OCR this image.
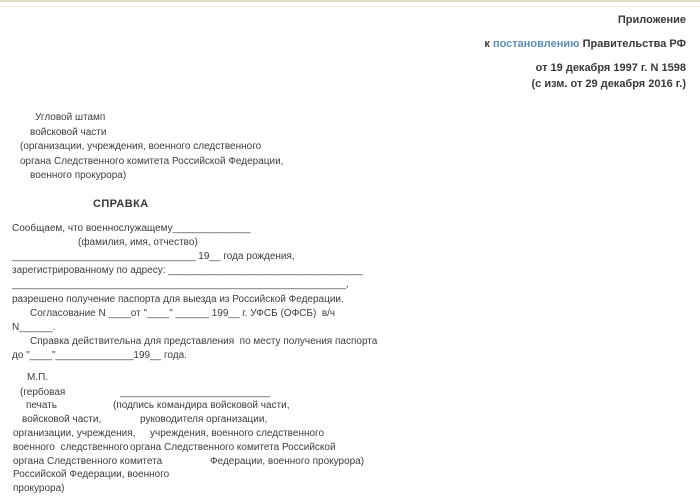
Приложение
к постановлению Правительства РФ
от 19 декабря 1997 г. N 1598
(с изм. от 29 декабря 2016 г.)
Угловой штамп
войсковой части
(организации, учреждения, военного следственного
органа Следственного комитета Российской Федерации,
военного прокурора)
СПРАВКА
Сообщаем, что военнослужащему______________
(фамилия, имя, отчество)
_________________________________ 19__ года рождения,
зарегистрированному по адресу: ___________________________________
____________________________________________________________,
разрешено получение паспорта для выезда из Российской Федерации.
Согласование N ____от "____" ______ 199__ г. УФСБ (ОФСБ)  в/ч
N______.
Справка действительна для представления  по месту получения паспорта
до "____"______________199__ года.
М.П.
(гербовая
печать
войсковой части,
организации, учреждения,
военного  следственного
органа Следственного комитета
Российской Федерации, военного
прокурора)
___________________________
(подпись командира войсковой части,
руководителя организации,
учреждения, военного следственного
органа Следственного комитета Российской
Федерации, военного прокурора)
